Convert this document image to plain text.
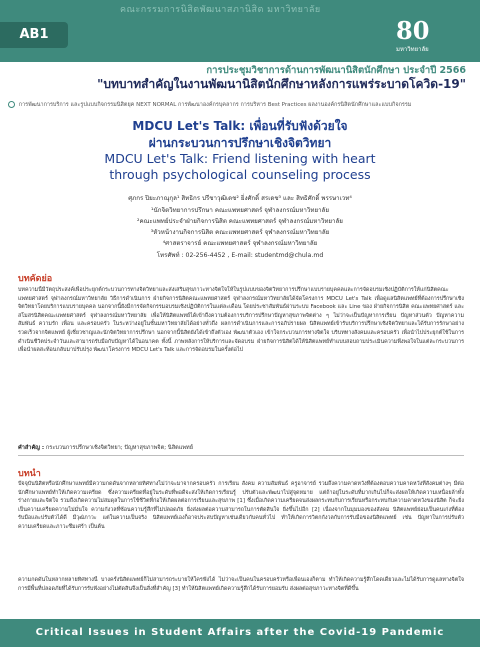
คณะกรรมการนิสิตพัฒนาสภานิสิต มหาวิทยาลัย
AB1	80
มหาวิทยาลัย
การประชุมวิชาการด้านการพัฒนานิสิตนักศึกษา ประจำปี 2566
"บทบาทสำคัญในงานพัฒนานิสิตนักศึกษาหลังการแพร่ระบาดโควิด-19"
การพัฒนาการบริการ และรูปแบบกิจกรรมนิสิตยุค NEXT NORMAL การพัฒนาองค์กรบุคลากร การบริหาร Best Practices ผลงานองค์กรนิสิตนักศึกษาและแบบกิจกรรม
MDCU Let's Talk: เพื่อนที่รับฟังด้วยใจ
ผ่านกระบวนการปรึกษาเชิงจิตวิทยา
MDCU Let's Talk: Friend listening with heart
through psychological counseling process
ศุภกร ปิยะภาณุกุล¹ สิทธิกร ปรีชาวุฒิเดช² ยิ่งศักดิ์ สรเดช³ และ สิทธิศักดิ์ พรรษาเวท⁴
¹นักจิตวิทยาการปรึกษา คณะแพทยศาสตร์ จุฬาลงกรณ์มหาวิทยาลัย
²คณะแพทย์ประจำฝ่ายกิจการนิสิต คณะแพทยศาสตร์ จุฬาลงกรณ์มหาวิทยาลัย
³หัวหน้างานกิจการนิสิต คณะแพทยศาสตร์ จุฬาลงกรณ์มหาวิทยาลัย
⁴ศาสตราจารย์ คณะแพทยศาสตร์ จุฬาลงกรณ์มหาวิทยาลัย
โทรศัพท์ : 02-256-4452 , E-mail: studentmd@chula.md
บทคัดย่อ
บทความนี้มีวัตถุประสงค์เพื่อประยุกต์กระบวนการทางจิตวิทยาและส่งเสริมสุขภาวะทางจิตใจให้ในรูปแบบของจิตวิทยาการปรึกษาแบบรายบุคคลและการจัดอบรมเชิงปฏิบัติการให้แก่นิสิตคณะแพทยศาสตร์ จุฬาลงกรณ์มหาวิทยาลัย วิธีการดำเนินการ ฝ่ายกิจการนิสิตคณะแพทยศาสตร์ จุฬาลงกรณ์มหาวิทยาลัยได้จัดโครงการ MDCU Let's Talk เพื่อดูแลนิสิตแพทย์ที่ต้องการปรึกษาเชิงจิตวิทยาโดยบริการแบบรายบุคคล นอกจากนี้ยังมีการจัดกิจกรรมอบรมเชิงปฏิบัติการในแต่ละเดือน โดยประชาสัมพันธ์ผ่านระบบ Facebook และ Line ของ ฝ่ายกิจการนิสิต คณะแพทยศาสตร์ และสโมสรนิสิตคณะแพทยศาสตร์ จุฬาลงกรณ์มหาวิทยาลัย เพื่อให้นิสิตแพทย์ได้เข้าถึงความต้องการบริการปรึกษาปัญหาสุขภาพจิตต่าง ๆ ไม่ว่าจะเป็นปัญหาการเรียน ปัญหาส่วนตัว ปัญหาความสัมพันธ์ ความรัก เพื่อน และครอบครัว ในระหว่างอยู่ในชั้นมหาวิทยาลัยได้อย่างทั่วถึง ผลการดำเนินการและการอภิปรายผล นิสิตแพทย์เข้ารับบริการปรึกษาเชิงจิตวิทยาและได้รับการรักษาอย่างรวดเร็วจากจิตแพทย์ ผู้เชี่ยวชาญและนักจิตวิทยาการปรึกษา นอกจากนี้นิสิตยังได้เข้าถึงตัวเอง พัฒนาตัวเอง เข้าใจกระบวนการทางจิตใจ บริบททางสังคมและครอบครัว เพื่อนำไปประยุกต์ใช้ในการดำเนินชีวิตประจำวันและสามารถรับมือกับปัญหาได้ในอนาคต ทั้งนี้ ภาพหลังการให้บริการและจัดอบรม ฝ่ายกิจการนิสิตได้ให้นิสิตแพทย์ทำแบบสอบถามประเมินความพึงพอใจในแต่ละกระบวนการเพื่อนำผลสะท้อนกลับมาปรับปรุง พัฒนาโครงการ MDCU Let's Talk และการจัดอบรมในครั้งต่อไป
คำสำคัญ : กระบวนการปรึกษาเชิงจิตวิทยา; ปัญหาสุขภาพจิต; นิสิตแพทย์
บทนำ
ปัจจุบันนิสิตหรือนักศึกษาแพทย์มีความกดดันจากหลายทิศทางไม่ว่าจะมาจากครอบครัว การเรียน สังคม ความสัมพันธ์ ครูอาจารย์ รวมถึงความคาดหวังที่ต้องตอบความคาดหวังที่สังคมต่างๆ มีต่อนักศึกษาแพทย์ทำให้เกิดความเครียด ซึ่งความเครียดที่อยู่ในระดับที่พอดีจะส่งให้เกิดการเรียนรู้ ปรับตัวและพัฒนาไปสู่จุดหมาย แต่ถ้าอยู่ในระดับที่มากเกินไปก็จะส่งผลให้เกิดความเหนื่อยล้าทั้งร่างกายและจิตใจ รวมถึงเกิดความไม่สมดุลในการใช้ชีวิตที่ก่อให้เกิดผลต่อการเรียนและสุขภาพ [1] ซึ่งเมื่อเกิดความเครียดจนส่งผลกระทบกับการเรียนหรือกระทบกับความคาดหวังของนิสิต ก็จะยิ่งเป็นความเครียดความไม่มั่นใจ ความกังวลที่ซ้อนความรู้สึกที่ไม่ปลอดภัย ยิ่งส่งผลต่อความสามารถในการตัดสินใจ ยิ่งขึ้นไปอีก [2] เนื่องจากในมุมมองของสังคม นิสิตแพทย์ย่อมเป็นคนเก่งที่ต้องรับมือและปรับตัวได้ดี มีวุฒิภาวะ แต่ในความเป็นจริง นิสิตแพทย์เองก็อาจประสบปัญหาเช่นเดียวกับคนทั่วไป ทำให้เกิดการวิตกกังวลกับการรับมือของนิสิตแพทย์ เช่น ปัญหาในการปรับตัว ความเครียดและภาวะซึมเศร้า เป็นต้น
ความกดดันในหลากหลายทิศทางนี้ บางครั้งนิสิตแพทย์ก็ไม่สามารถระบายให้ใครฟังได้ ไม่ว่าจะเป็นคนในครอบครัวหรือเพื่อนเองก็ตาม ทำให้เกิดความรู้สึกโดดเดี่ยวและไม่ได้รับการดูแลทางจิตใจ การมีพื้นที่ปลอดภัยที่ได้รับการรับฟังอย่างไม่ตัดสินจึงเป็นสิ่งที่สำคัญ [3] ทำให้นิสิตแพทย์เกิดความรู้สึกได้รับการยอมรับ ส่งผลต่อสุขภาวะทางจิตที่ดีขึ้น
Critical Issues in Student Affairs after the Covid-19 Pandemic
